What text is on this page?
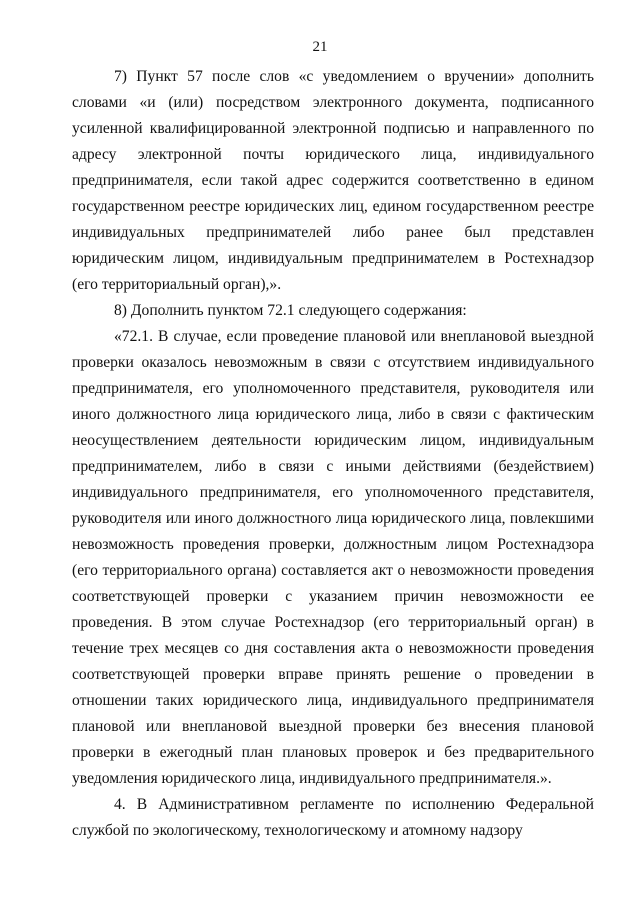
21

7) Пункт 57 после слов «с уведомлением о вручении» дополнить словами «и (или) посредством электронного документа, подписанного усиленной квалифицированной электронной подписью и направленного по адресу электронной почты юридического лица, индивидуального предпринимателя, если такой адрес содержится соответственно в едином государственном реестре юридических лиц, едином государственном реестре индивидуальных предпринимателей либо ранее был представлен юридическим лицом, индивидуальным предпринимателем в Ростехнадзор (его территориальный орган),».

8) Дополнить пунктом 72.1 следующего содержания:

«72.1. В случае, если проведение плановой или внеплановой выездной проверки оказалось невозможным в связи с отсутствием индивидуального предпринимателя, его уполномоченного представителя, руководителя или иного должностного лица юридического лица, либо в связи с фактическим неосуществлением деятельности юридическим лицом, индивидуальным предпринимателем, либо в связи с иными действиями (бездействием) индивидуального предпринимателя, его уполномоченного представителя, руководителя или иного должностного лица юридического лица, повлекшими невозможность проведения проверки, должностным лицом Ростехнадзора (его территориального органа) составляется акт о невозможности проведения соответствующей проверки с указанием причин невозможности ее проведения. В этом случае Ростехнадзор (его территориальный орган) в течение трех месяцев со дня составления акта о невозможности проведения соответствующей проверки вправе принять решение о проведении в отношении таких юридического лица, индивидуального предпринимателя плановой или внеплановой выездной проверки без внесения плановой проверки в ежегодный план плановых проверок и без предварительного уведомления юридического лица, индивидуального предпринимателя.».

4. В Административном регламенте по исполнению Федеральной службой по экологическому, технологическому и атомному надзору
